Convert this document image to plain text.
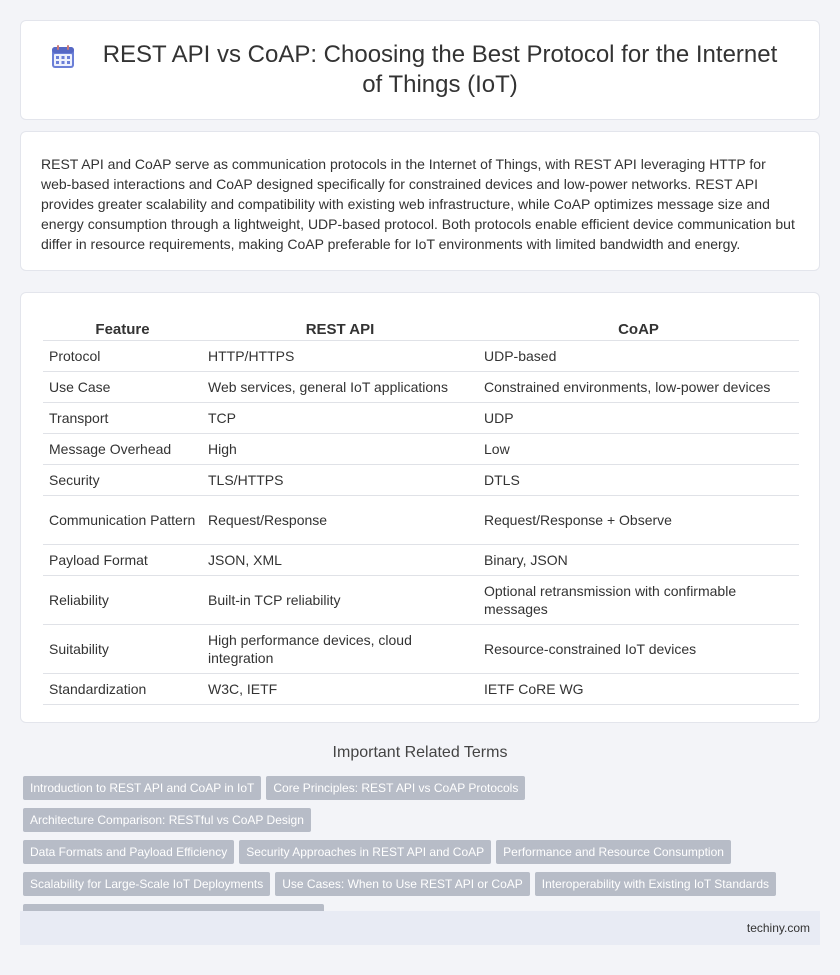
REST API vs CoAP: Choosing the Best Protocol for the Internet of Things (IoT)

REST API and CoAP serve as communication protocols in the Internet of Things, with REST API leveraging HTTP for web-based interactions and CoAP designed specifically for constrained devices and low-power networks. REST API provides greater scalability and compatibility with existing web infrastructure, while CoAP optimizes message size and energy consumption through a lightweight, UDP-based protocol. Both protocols enable efficient device communication but differ in resource requirements, making CoAP preferable for IoT environments with limited bandwidth and energy.

Feature	REST API	CoAP
Protocol	HTTP/HTTPS	UDP-based
Use Case	Web services, general IoT applications	Constrained environments, low-power devices
Transport	TCP	UDP
Message Overhead	High	Low
Security	TLS/HTTPS	DTLS
Communication Pattern	Request/Response	Request/Response + Observe
Payload Format	JSON, XML	Binary, JSON
Reliability	Built-in TCP reliability	Optional retransmission with confirmable messages
Suitability	High performance devices, cloud integration	Resource-constrained IoT devices
Standardization	W3C, IETF	IETF CoRE WG
Important Related Terms
Introduction to REST API and CoAP in IoT Core Principles: REST API vs CoAP ProtocolsArchitecture Comparison: RESTful vs CoAP Design
Data Formats and Payload Efficiency Security Approaches in REST API and CoAP Performance and Resource Consumption
Scalability for Large-Scale IoT Deployments Use Cases: When to Use REST API or CoAP Interoperability with Existing IoT Standards

techiny.com
